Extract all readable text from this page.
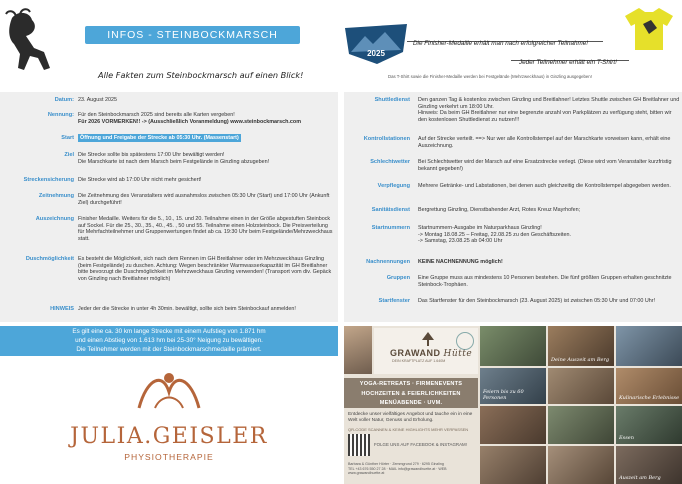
INFOS - STEINBOCKMARSCH
Alle Fakten zum Steinbockmarsch auf einen Blick!
2025
Die Finisher-Medaille erhält man nach erfolgreicher Teilnahme!
Jeder Teilnehmer erhält ein T-Shirt!
Das T-Shirt sowie die Finisher-Medaille werden bei Festgelände (Mehrzweckhaus) in Ginzling ausgegeben!
Datum: 23. August 2025
Nennung: Für den Steinbockmarsch 2025 sind bereits alle Karten vergeben!
Für 2026 VORMERKEN!! -> (Ausschließlich Voranmeldung) www.steinbockmarsch.com
Start	Öffnung und Freigabe der Strecke ab 05:30 Uhr. (Massenstart)
Ziel Die Strecke sollte bis spätestens 17:00 Uhr bewältigt werden!
Die Marschkarte ist nach dem Marsch beim Festgelände in Ginzling abzugeben!
Streckensicherung Die Strecke wird ab 17:00 Uhr nicht mehr gesichert!
Zeitnehmung Die Zeitnehmung des Veranstalters wird ausnahmslos zwischen 05:30 Uhr (Start) und 17:00 Uhr (Ankunft Ziel) durchgeführt!
Auszeichnung Finisher Medaille. Weiters für die 5., 10., 15. und 20. Teilnahme einen in der Größe abgestuften Steinbock auf Sockel. Für die 25., 30., 35., 40., 45. , 50 und 55. Teilnahme einen Holzsteinbock. Die Preisverteilung für Mehrfachteilnehmer und Gruppenwertungen findet ab ca. 19:30 Uhr beim Festgelände/Mehrzweckhaus statt.
Duschmöglichkeit Es besteht die Möglichkeit, sich nach dem Rennen im GH Breitlahner oder im Mehrzweckhaus Ginzling (beim Festgelände) zu duschen. Achtung: Wegen beschränkter Warmwasserkapazität im GH Breitlahner bitte bevorzugt die Duschmöglichkeit im Mehrzweckhaus Ginzling verwenden! (Transport vom div. Gepäck von Ginzling nach Breitlahner möglich)
HINWEIS Jeder der die Strecke in unter 4h 30min. bewältigt, sollte sich beim Steinbockauf anmelden!
Shuttledienst Den ganzen Tag & kostenlos zwischen Ginzling und Breitlahner! Letztes Shuttle zwischen GH Breitlahner und Ginzling verkehrt um 18:00 Uhr.
Hinweis: Da beim GH Breitlahner nur eine begrenzte anzahl von Parkplätzen zu verfügung steht, bitten wir den kostenlosen Shuttledienst zu nutzen!!!
Kontrollstationen Auf der Strecke verteilt. ==> Nur wer alle Kontrollstempel auf der Marschkarte vorweisen kann, erhält eine Auszeichnung.
Schlechtwetter Bei Schlechtwetter wird der Marsch auf eine Ersatzstrecke verlegt. (Diese wird vom Veranstalter kurzfristig bekannt gegeben!)
Verpflegung Mehrere Getränke- und Labstationen, bei denen auch gleichzeitig die Kontrollstempel abgegeben werden.
Sanitätsdienst Bergrettung Ginzling, Dienstbahender Arzt, Rotes Kreuz Mayrhofen;
Startnummern Startnummern-Ausgabe im Naturparkhaus Ginzling!
-> Montag 18.08.25 – Freitag, 22.08.25 zu den Geschäftszeiten.
-> Samstag, 23.08.25 ab 04:00 Uhr
Nachnennungen KEINE NACHNENNUNG möglich!
Gruppen Eine Gruppe muss aus mindestens 10 Personen bestehen. Die fünf größten Gruppen erhalten geschnitzte Steinbock-Trophäen.
Startfenster Das Startfenster für den Steinbockmarsch (23. August 2025) ist zwischen 05:30 Uhr und 07:00 Uhr!

Es gilt eine ca. 30 km lange Strecke mit einem Aufstieg von 1.871 hm

und einen Abstieg von 1.613 hm bei 25-30° Neigung zu bewältigen.

Die Teilnehmer werden mit der Steinbockmarschmedaille prämiert.

JULIA.GEISLER
PHYSIOTHERAPIE
GRAWAND Hütte
DEIN KRAFTPLATZ AUF 1.640M

YOGA-RETREATS · FIRMENEVENTS

HOCHZEITEN & FEIERLICHKEITEN

MENÜABENDE · UVM.

Entdecke unser vielfältiges Angebot und tauche ein in eine Welt voller Natur, Genuss und Erholung.
QR-CODE SCANNEN & KEINE HIGHLIGHTS MEHR VERPASSEN
FOLGE UNS AUF FACEBOOK & INSTAGRAM!
Barbara & Günther Hörter · Zemmgrund 279 · 6295 Ginzling
TEL +43 676 550 27 28 · MAIL info@grawandhuette.at · WEB www.grawandhuette.at
Deine Auszeit am Berg
Feiern bis zu 60 Personen	Kulinarische Erlebnisse
Essen
Auszeit am Berg
